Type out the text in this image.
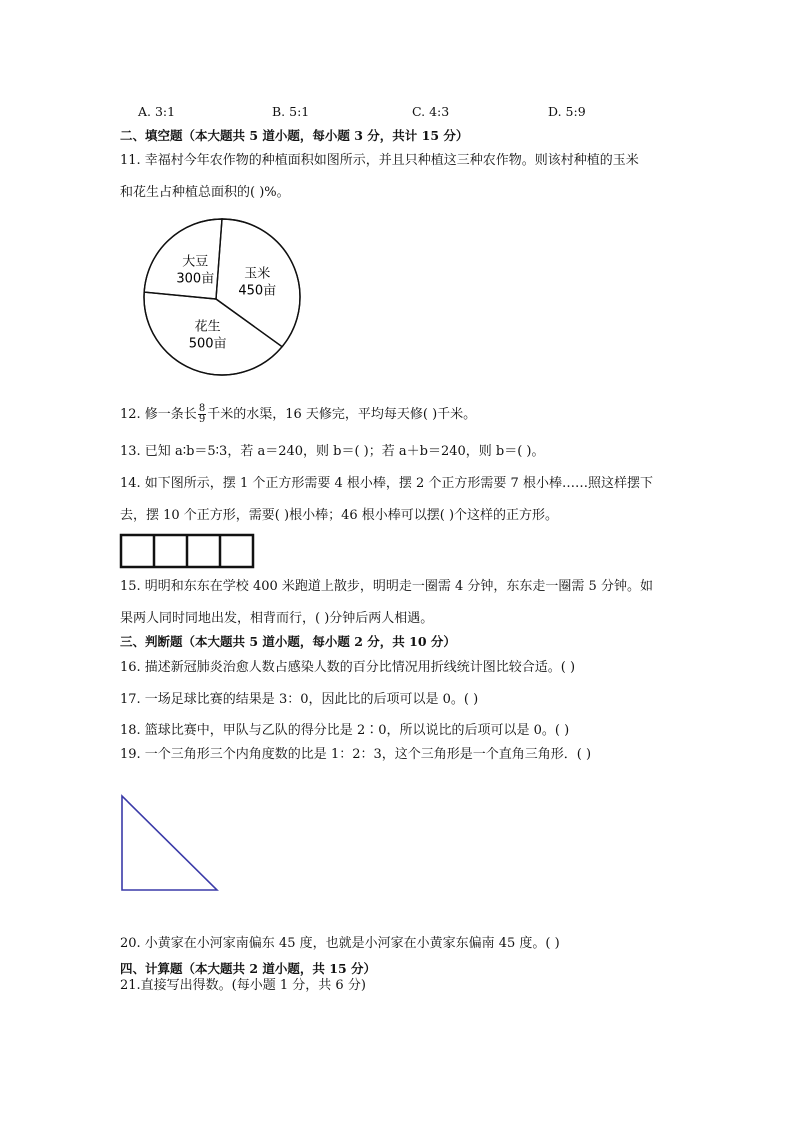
A. 3:1	B. 5:1	C. 4:3	D. 5:9
二、填空题（本大题共 5 道小题，每小题 3 分，共计 15 分）
11. 幸福村今年农作物的种植面积如图所示，并且只种植这三种农作物。则该村种植的玉米
和花生占种植总面积的( )%。
玉米
450亩
花生
500亩
大豆
300亩
12. 修一条长 $\frac{8}{9}$ 千米的水渠，16 天修完，平均每天修( )千米。
13. 已知 a∶b＝5∶3，若 a＝240，则 b＝( )；若 a＋b＝240，则 b＝( )。
14. 如下图所示，摆 1 个正方形需要 4 根小棒，摆 2 个正方形需要 7 根小棒……照这样摆下
去，摆 10 个正方形，需要( )根小棒；46 根小棒可以摆( )个这样的正方形。
15. 明明和东东在学校 400 米跑道上散步，明明走一圈需 4 分钟，东东走一圈需 5 分钟。如
果两人同时同地出发，相背而行，( )分钟后两人相遇。
三、判断题（本大题共 5 道小题，每小题 2 分，共 10 分）
16. 描述新冠肺炎治愈人数占感染人数的百分比情况用折线统计图比较合适。( )
17. 一场足球比赛的结果是 3：0，因此比的后项可以是 0。( )
18. 篮球比赛中，甲队与乙队的得分比是 2∶0，所以说比的后项可以是 0。( )
19. 一个三角形三个内角度数的比是 1：2：3，这个三角形是一个直角三角形．( )
20. 小黄家在小河家南偏东 45 度，也就是小河家在小黄家东偏南 45 度。( )
四、计算题（本大题共 2 道小题，共 15 分）
21.直接写出得数。(每小题 1 分，共 6 分)
